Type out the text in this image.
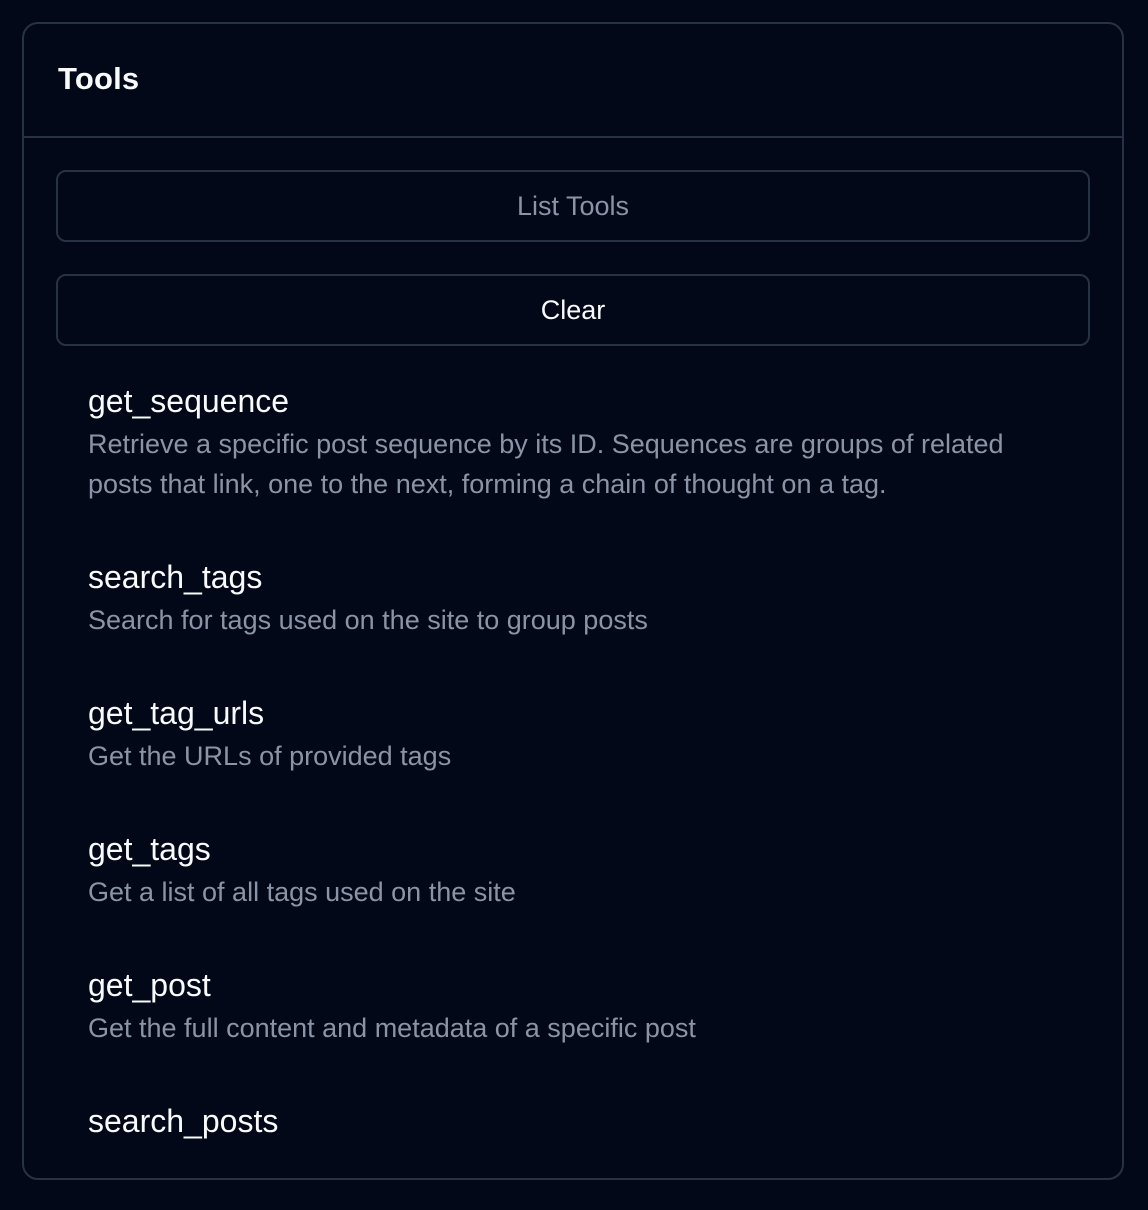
Tools
List Tools
Clear
get_sequence
Retrieve a specific post sequence by its ID. Sequences are groups of related posts that link, one to the next, forming a chain of thought on a tag.
search_tags
Search for tags used on the site to group posts
get_tag_urls
Get the URLs of provided tags
get_tags
Get a list of all tags used on the site
get_post
Get the full content and metadata of a specific post
search_posts
